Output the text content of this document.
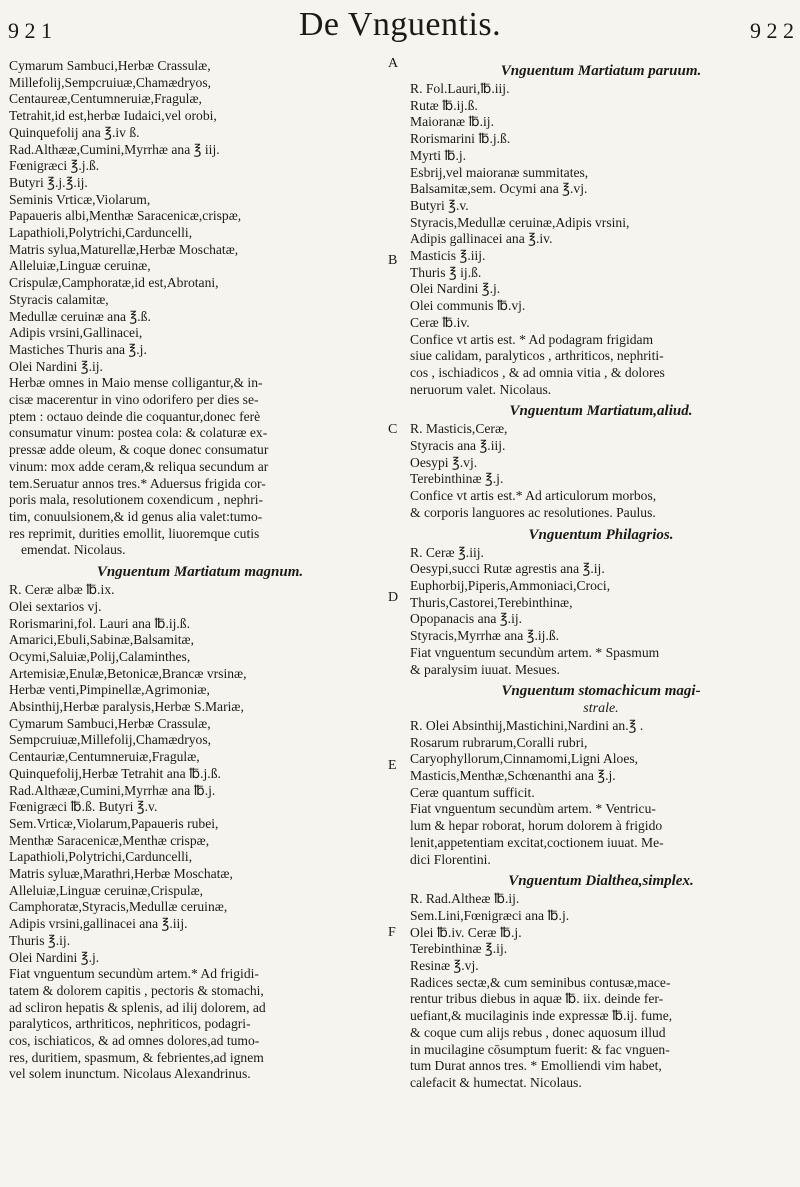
9 2 1	De Vnguentis.	9 2 2
Cymarum Sambuci,Herbæ Crassulæ,
Millefolij,Sempcruiuæ,Chamædryos,
Centaureæ,Centumneruiæ,Fragulæ,
Tetrahit,id est,herbæ Iudaici,vel orobi,
Quinquefolij ana ℥.iv ß.
Rad.Althææ,Cumini,Myrrhæ ana ℥ iij.
Fœnigræci ℥.j.ß.
Butyri ℥.j.℥.ij.
Seminis Vrticæ,Violarum,
Papaueris albi,Menthæ Saracenicæ,crispæ,
Lapathioli,Polytrichi,Carduncelli,
Matris sylua,Maturellæ,Herbæ Moschatæ,
Alleluiæ,Linguæ ceruinæ,
Crispulæ,Camphoratæ,id est,Abrotani,
Styracis calamitæ,
Medullæ ceruinæ ana ℥.ß.
Adipis vrsini,Gallinacei,
Mastiches Thuris ana ℥.j.
Olei Nardini ℥.ij.
Herbæ omnes in Maio mense colligantur,& in-
cisæ macerentur in vino odorifero per dies se-
ptem : octauo deinde die coquantur,donec ferè
consumatur vinum: postea cola: & colaturæ ex-
pressæ adde oleum, & coque donec consumatur
vinum: mox adde ceram,& reliqua secundum ar
tem.Seruatur annos tres.* Aduersus frigida cor-
poris mala, resolutionem coxendicum , nephri-
tim, conuulsionem,& id genus alia valet:tumo-
res reprimit, durities emollit, liuoremque cutis
emendat. Nicolaus.
Vnguentum Martiatum magnum.
R. Ceræ albæ ℔.ix.
Olei sextarios vj.
Rorismarini,fol. Lauri ana ℔.ij.ß.
Amarici,Ebuli,Sabinæ,Balsamitæ,
Ocymi,Saluiæ,Polij,Calaminthes,
Artemisiæ,Enulæ,Betonicæ,Brancæ vrsinæ,
Herbæ venti,Pimpinellæ,Agrimoniæ,
Absinthij,Herbæ paralysis,Herbæ S.Mariæ,
Cymarum Sambuci,Herbæ Crassulæ,
Sempcruiuæ,Millefolij,Chamædryos,
Centauriæ,Centumneruiæ,Fragulæ,
Quinquefolij,Herbæ Tetrahit ana ℔.j.ß.
Rad.Althææ,Cumini,Myrrhæ ana ℔.j.
Fœnigræci ℔.ß. Butyri ℥.v.
Sem.Vrticæ,Violarum,Papaueris rubei,
Menthæ Saracenicæ,Menthæ crispæ,
Lapathioli,Polytrichi,Carduncelli,
Matris syluæ,Marathri,Herbæ Moschatæ,
Alleluiæ,Linguæ ceruinæ,Crispulæ,
Camphoratæ,Styracis,Medullæ ceruinæ,
Adipis vrsini,gallinacei ana ℥.iij.
Thuris ℥.ij.
Olei Nardini ℥.j.
Fiat vnguentum secundùm artem.* Ad frigidi-
tatem & dolorem capitis , pectoris & stomachi,
ad scliron hepatis & splenis, ad ilij dolorem, ad
paralyticos, arthriticos, nephriticos, podagri-
cos, ischiaticos, & ad omnes dolores,ad tumo-
res, duritiem, spasmum, & febrientes,ad ignem
vel solem inunctum. Nicolaus Alexandrinus.
Vnguentum Martiatum paruum.
R. Fol.Lauri,℔.iij.
Rutæ ℔.ij.ß.
Maioranæ ℔.ij.
Rorismarini ℔.j.ß.
Myrti ℔.j.
Esbrij,vel maioranæ summitates,
Balsamitæ,sem. Ocymi ana ℥.vj.
Butyri ℥.v.
Styracis,Medullæ ceruinæ,Adipis vrsini,
Adipis gallinacei ana ℥.iv.
Masticis ℥.iij.
Thuris ℥ ij.ß.
Olei Nardini ℥.j.
Olei communis ℔.vj.
Ceræ ℔.iv.
Confice vt artis est. * Ad podagram frigidam
siue calidam, paralyticos , arthriticos, nephriti-
cos , ischiadicos , & ad omnia vitia , & dolores
neruorum valet. Nicolaus.
Vnguentum Martiatum,aliud.
R. Masticis,Ceræ,
Styracis ana ℥.iij.
Oesypi ℥.vj.
Terebinthinæ ℥.j.
Confice vt artis est.* Ad articulorum morbos,
& corporis languores ac resolutiones. Paulus.
Vnguentum Philagrios.
R. Ceræ ℥.iij.
Oesypi,succi Rutæ agrestis ana ℥.ij.
Euphorbij,Piperis,Ammoniaci,Croci,
Thuris,Castorei,Terebinthinæ,
Opopanacis ana ℥.ij.
Styracis,Myrrhæ ana ℥.ij.ß.
Fiat vnguentum secundùm artem. * Spasmum
& paralysim iuuat. Mesues.
Vnguentum stomachicum magi-
strale.
R. Olei Absinthij,Mastichini,Nardini an.℥ .
Rosarum rubrarum,Coralli rubri,
Caryophyllorum,Cinnamomi,Ligni Aloes,
Masticis,Menthæ,Schœnanthi ana ℥.j.
Ceræ quantum sufficit.
Fiat vnguentum secundùm artem. * Ventricu-
lum & hepar roborat, horum dolorem à frigido
lenit,appetentiam excitat,coctionem iuuat. Me-
dici Florentini.
Vnguentum Dialthea,simplex.
R. Rad.Altheæ ℔.ij.
Sem.Lini,Fœnigræci ana ℔.j.
Olei ℔.iv. Ceræ ℔.j.
Terebinthinæ ℥.ij.
Resinæ ℥.vj.
Radices sectæ,& cum seminibus contusæ,mace-
rentur tribus diebus in aquæ ℔. iix. deinde fer-
uefiant,& mucilaginis inde expressæ ℔.ij. fume,
& coque cum alijs rebus , donec aquosum illud
in mucilagine cōsumptum fuerit: & fac vnguen-
tum Durat annos tres. * Emolliendi vim habet,
calefacit & humectat. Nicolaus.
A
B
C
D
E
F
